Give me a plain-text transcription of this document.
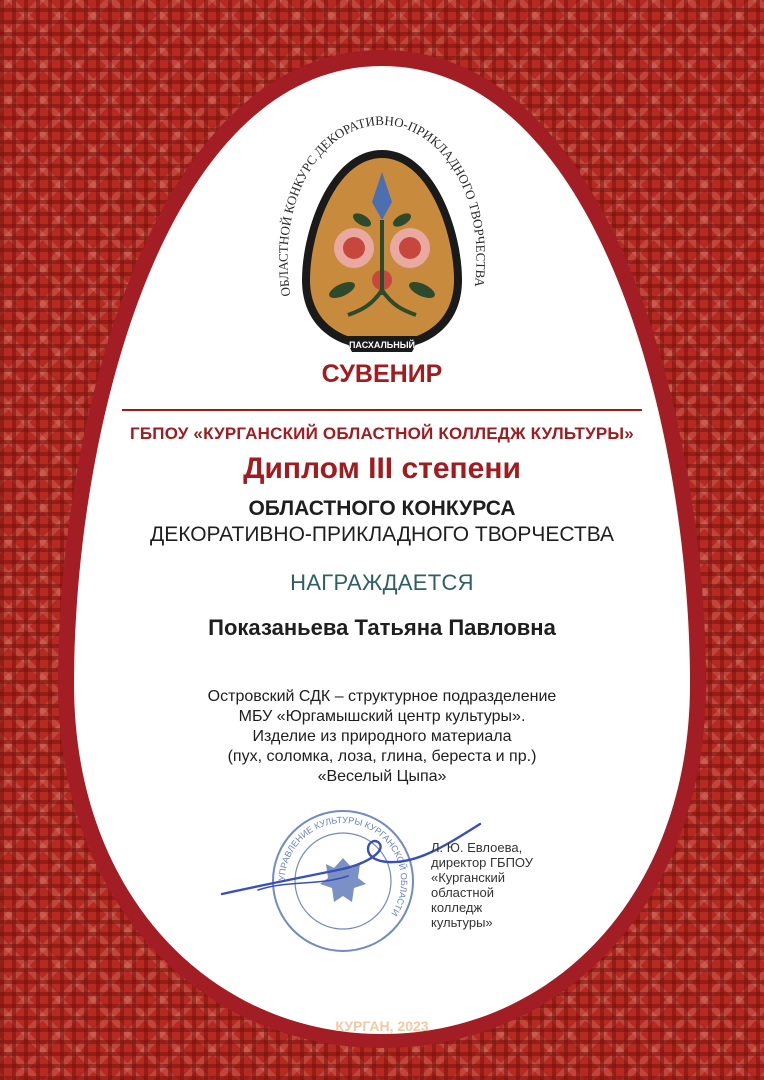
ОБЛАСТНОЙ КОНКУРС ДЕКОРАТИВНО-ПРИКЛАДНОГО ТВОРЧЕСТВА
ПАСХАЛЬНЫЙ
СУВЕНИР
ГБПОУ «КУРГАНСКИЙ ОБЛАСТНОЙ КОЛЛЕДЖ КУЛЬТУРЫ»
Диплом III степени
ОБЛАСТНОГО КОНКУРСА
ДЕКОРАТИВНО-ПРИКЛАДНОГО ТВОРЧЕСТВА
НАГРАЖДАЕТСЯ
Показаньева Татьяна Павловна
Островский СДК – структурное подразделение
МБУ «Юргамышский центр культуры».
Изделие из природного материала
(пух, соломка, лоза, глина, береста и пр.)
«Веселый Цыпа»
УПРАВЛЕНИЕ КУЛЬТУРЫ КУРГАНСКОЙ ОБЛАСТИ
Л. Ю. Евлоева,
директор ГБПОУ
«Курганский
областной
колледж
культуры»
КУРГАН, 2023
